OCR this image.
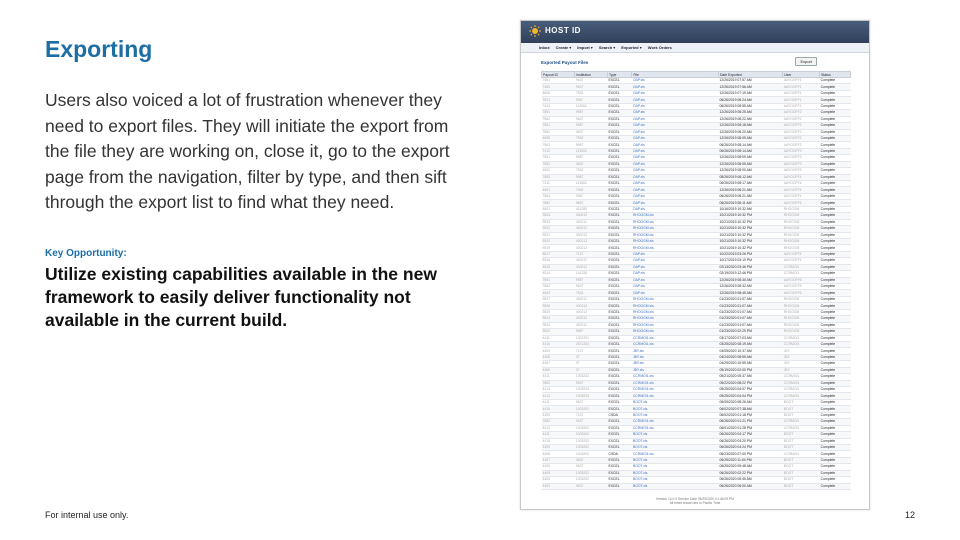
Exporting
Users also voiced a lot of frustration whenever they need to export files. They will initiate the export from the file they are working on, close it, go to the export page from the navigation, filter by type, and then sift through the export list to find what they need.
Key Opportunity:
Utilize existing capabilities available in the new framework to easily deliver functionality not available in the current build.
For internal use only.	12
HOST ID
Inbox Create ▾ Import ▾ Search ▾ Exported ▾ Work Orders
Exported Payout Files	Export
Payout ID	Institution	Type	File	Date Exported	User	Status
7461	9637	EXCEL	OAP.xls	12/26/2019 07:57 AM	AAYOOFF1	Complete
7460	9637	EXCEL	OAP.xls	12/26/2019 07:56 AM	AAYOOFF1	Complete
4606	7532	EXCEL	OAP.xls	12/26/2019 07:19 AM	AAYOOFF1	Complete
7821	9987	EXCEL	OAP.xls	06/26/2019 08:24 AM	AAYOOFF1	Complete
7413	113062	EXCEL	OAP.xls	06/26/2019 08:55 AM	AAYOOFF1	Complete
7851	9987	EXCEL	OAP.xls	12/26/2019 08:25 AM	AAYOOFF2	Complete
7862	9637	EXCEL	OAP.xls	12/26/2019 08:22 AM	AAYOOFF2	Complete
7861	9987	EXCEL	OAP.xls	12/26/2019 08:18 AM	AAYOOFF2	Complete
7862	9637	EXCEL	OAP.xls	12/26/2019 08:20 AM	AAYOOFF2	Complete
4605	7532	EXCEL	OAP.xls	12/26/2019 08:09 AM	AAYOOFF2	Complete
7863	9987	EXCEL	OAP.xls	06/26/2019 08:14 AM	AAYOOFF3	Complete
7412	113062	EXCEL	OAP.xls	06/26/2019 08:14 AM	AAYOOFF3	Complete
7851	9987	EXCEL	OAP.xls	12/26/2019 08:09 AM	AAYOOFF3	Complete
7852	9637	EXCEL	OAP.xls	12/26/2019 08:05 AM	AAYOOFF3	Complete
4602	7532	EXCEL	OAP.xls	12/26/2019 08:00 AM	AAYOOFF3	Complete
7853	9987	EXCEL	OAP.xls	08/26/2019 08:12 AM	AAYOOFF4	Complete
7411	113062	EXCEL	OAP.xls	06/26/2019 08:17 AM	AAYOOFF4	Complete
4601	7532	EXCEL	OAP.xls	12/26/2019 08:21 AM	AAYOOFF4	Complete
7863	9987	EXCEL	OAP.xls	06/26/2019 08:21 AM	AAYOOFF4	Complete
7862	9637	EXCEL	OAP.xls	06/26/2019 08:11 AM	AAYOOFF5	Complete
4601	411285	EXCEL	OAP.xls	10/16/2019 10:32 AM	RHOGGM	Complete
9524	400212	EXCEL	RHOGGM.xls	10/21/2019 10:32 PM	RHOGGM	Complete
9523	400212	EXCEL	RHOGGM.xls	10/21/2019 10:32 PM	RHOGGM	Complete
9522	400212	EXCEL	RHOGGM.xls	10/21/2019 10:32 PM	RHOGGM	Complete
9521	400212	EXCEL	RHOGGM.xls	10/21/2019 10:32 PM	RHOGGM	Complete
9520	400212	EXCEL	RHOGGM.xls	10/21/2019 10:32 PM	RHOGGM	Complete
9519	400212	EXCEL	RHOGGM.xls	10/21/2019 10:32 PM	RHOGGM	Complete
8517	7137	EXCEL	OAP.xls	10/22/2019 03:26 PM	AAYOOFF4	Complete
8516	400212	EXCEL	OAP.xls	10/17/2019 03:10 PM	AAYOOFF4	Complete
4515	400212	EXCEL	OAP.xls	02/13/2020 03:46 PM	CCRMOI1	Complete
4514	141335	EXCEL	OAP.xls	02/19/2019 12:46 PM	CCRMOI1	Complete
7861	9987	EXCEL	OAP.xls	12/26/2019 08:30 AM	AAYOOFF5	Complete
7862	9637	EXCEL	OAP.xls	12/26/2019 08:32 AM	AAYOOFF5	Complete
4603	7532	EXCEL	OAP.xls	12/26/2019 08:45 AM	AAYOOFF5	Complete
9527	400212	EXCEL	RHOGGM.xls	01/23/2020 01:07 AM	RHOGGM	Complete
9526	400212	EXCEL	RHOGGM.xls	01/23/2020 01:07 AM	RHOGGM	Complete
9525	400212	EXCEL	RHOGGM.xls	01/23/2020 01:07 AM	RHOGGM	Complete
9524	400212	EXCEL	RHOGGM.xls	01/23/2020 01:07 AM	RHOGGM	Complete
9523	400212	EXCEL	RHOGGM.xls	01/23/2020 01:07 AM	RHOGGM	Complete
9522	9987	EXCEL	RHOGGM.xls	01/23/2020 02:29 PM	RHOGGM	Complete
4411	1002201	EXCEL	CCRMOI1.xls	03/17/2020 07:03 AM	CCRMOI1	Complete
4410	2571201	EXCEL	CCRMOI1.xls	03/25/2020 08:19 AM	CCRMOI1	Complete
4409	7137	EXCEL	JBY.xls	04/05/2020 10:37 AM	JBY	Complete
4408	37	EXCEL	JBY.xls	04/24/2020 08:55 AM	JBY	Complete
4407	37	EXCEL	JBY.xls	04/29/2020 10:55 AM	JBY	Complete
4406	37	EXCEL	JBY.xls	05/19/2020 02:00 PM	JBY	Complete
4411	1003202	EXCEL	CCRMOI1.xls	05/21/2020 05:37 AM	CCRMOI1	Complete
7862	9637	EXCEL	CCRMOI1.xls	05/22/2020 08:22 PM	CCRMOI1	Complete
4413	1003203	EXCEL	CCRMOI1.xls	05/25/2020 04:07 PM	CCRMOI1	Complete
4412	1003203	EXCEL	CCRMOI1.xls	05/25/2020 04:04 PM	CCRMOI1	Complete
4411	9637	EXCEL	BOOT.xls	06/05/2020 08:26 AM	BOOT	Complete
4410	1003202	EXCEL	BOOT.xls	06/02/2020 07:38 AM	BOOT	Complete
4409	7137	CSDA	BOOT.xls	06/02/2020 01:18 PM	BOOT	Complete
7862	9637	EXCEL	CCRMOI1.xls	06/26/2020 01:21 PM	CCRMOI1	Complete
4412	1003202	EXCEL	CCRMOI1.xls	06/01/2020 01:28 PM	CCRMOI1	Complete
4411	1003202	EXCEL	BOOT.xls	06/26/2020 04:17 PM	BOOT	Complete
4410	1003202	EXCEL	BOOT.xls	06/26/2020 04:20 PM	BOOT	Complete
4409	1003202	EXCEL	BOOT.xls	06/26/2020 04:24 PM	BOOT	Complete
4408	1003202	CSDA	CCRMOI1.xls	06/23/2020 07:00 PM	CCRMOI1	Complete
4407	9637	EXCEL	BOOT.xls	06/25/2020 11:04 PM	BOOT	Complete
4406	9637	EXCEL	BOOT.xls	06/25/2020 05:48 AM	BOOT	Complete
4405	1003202	EXCEL	BOOT.xls	06/26/2020 02:22 PM	BOOT	Complete
4404	1003202	EXCEL	BOOT.xls	06/26/2020 05:45 AM	BOOT	Complete
4403	9637	EXCEL	BOOT.xls	06/26/2020 06:00 AM	BOOT	Complete
Version 14.0.0 Service Date 05/29/2020 01:46:09 PM
All times shown are in Pacific Time
